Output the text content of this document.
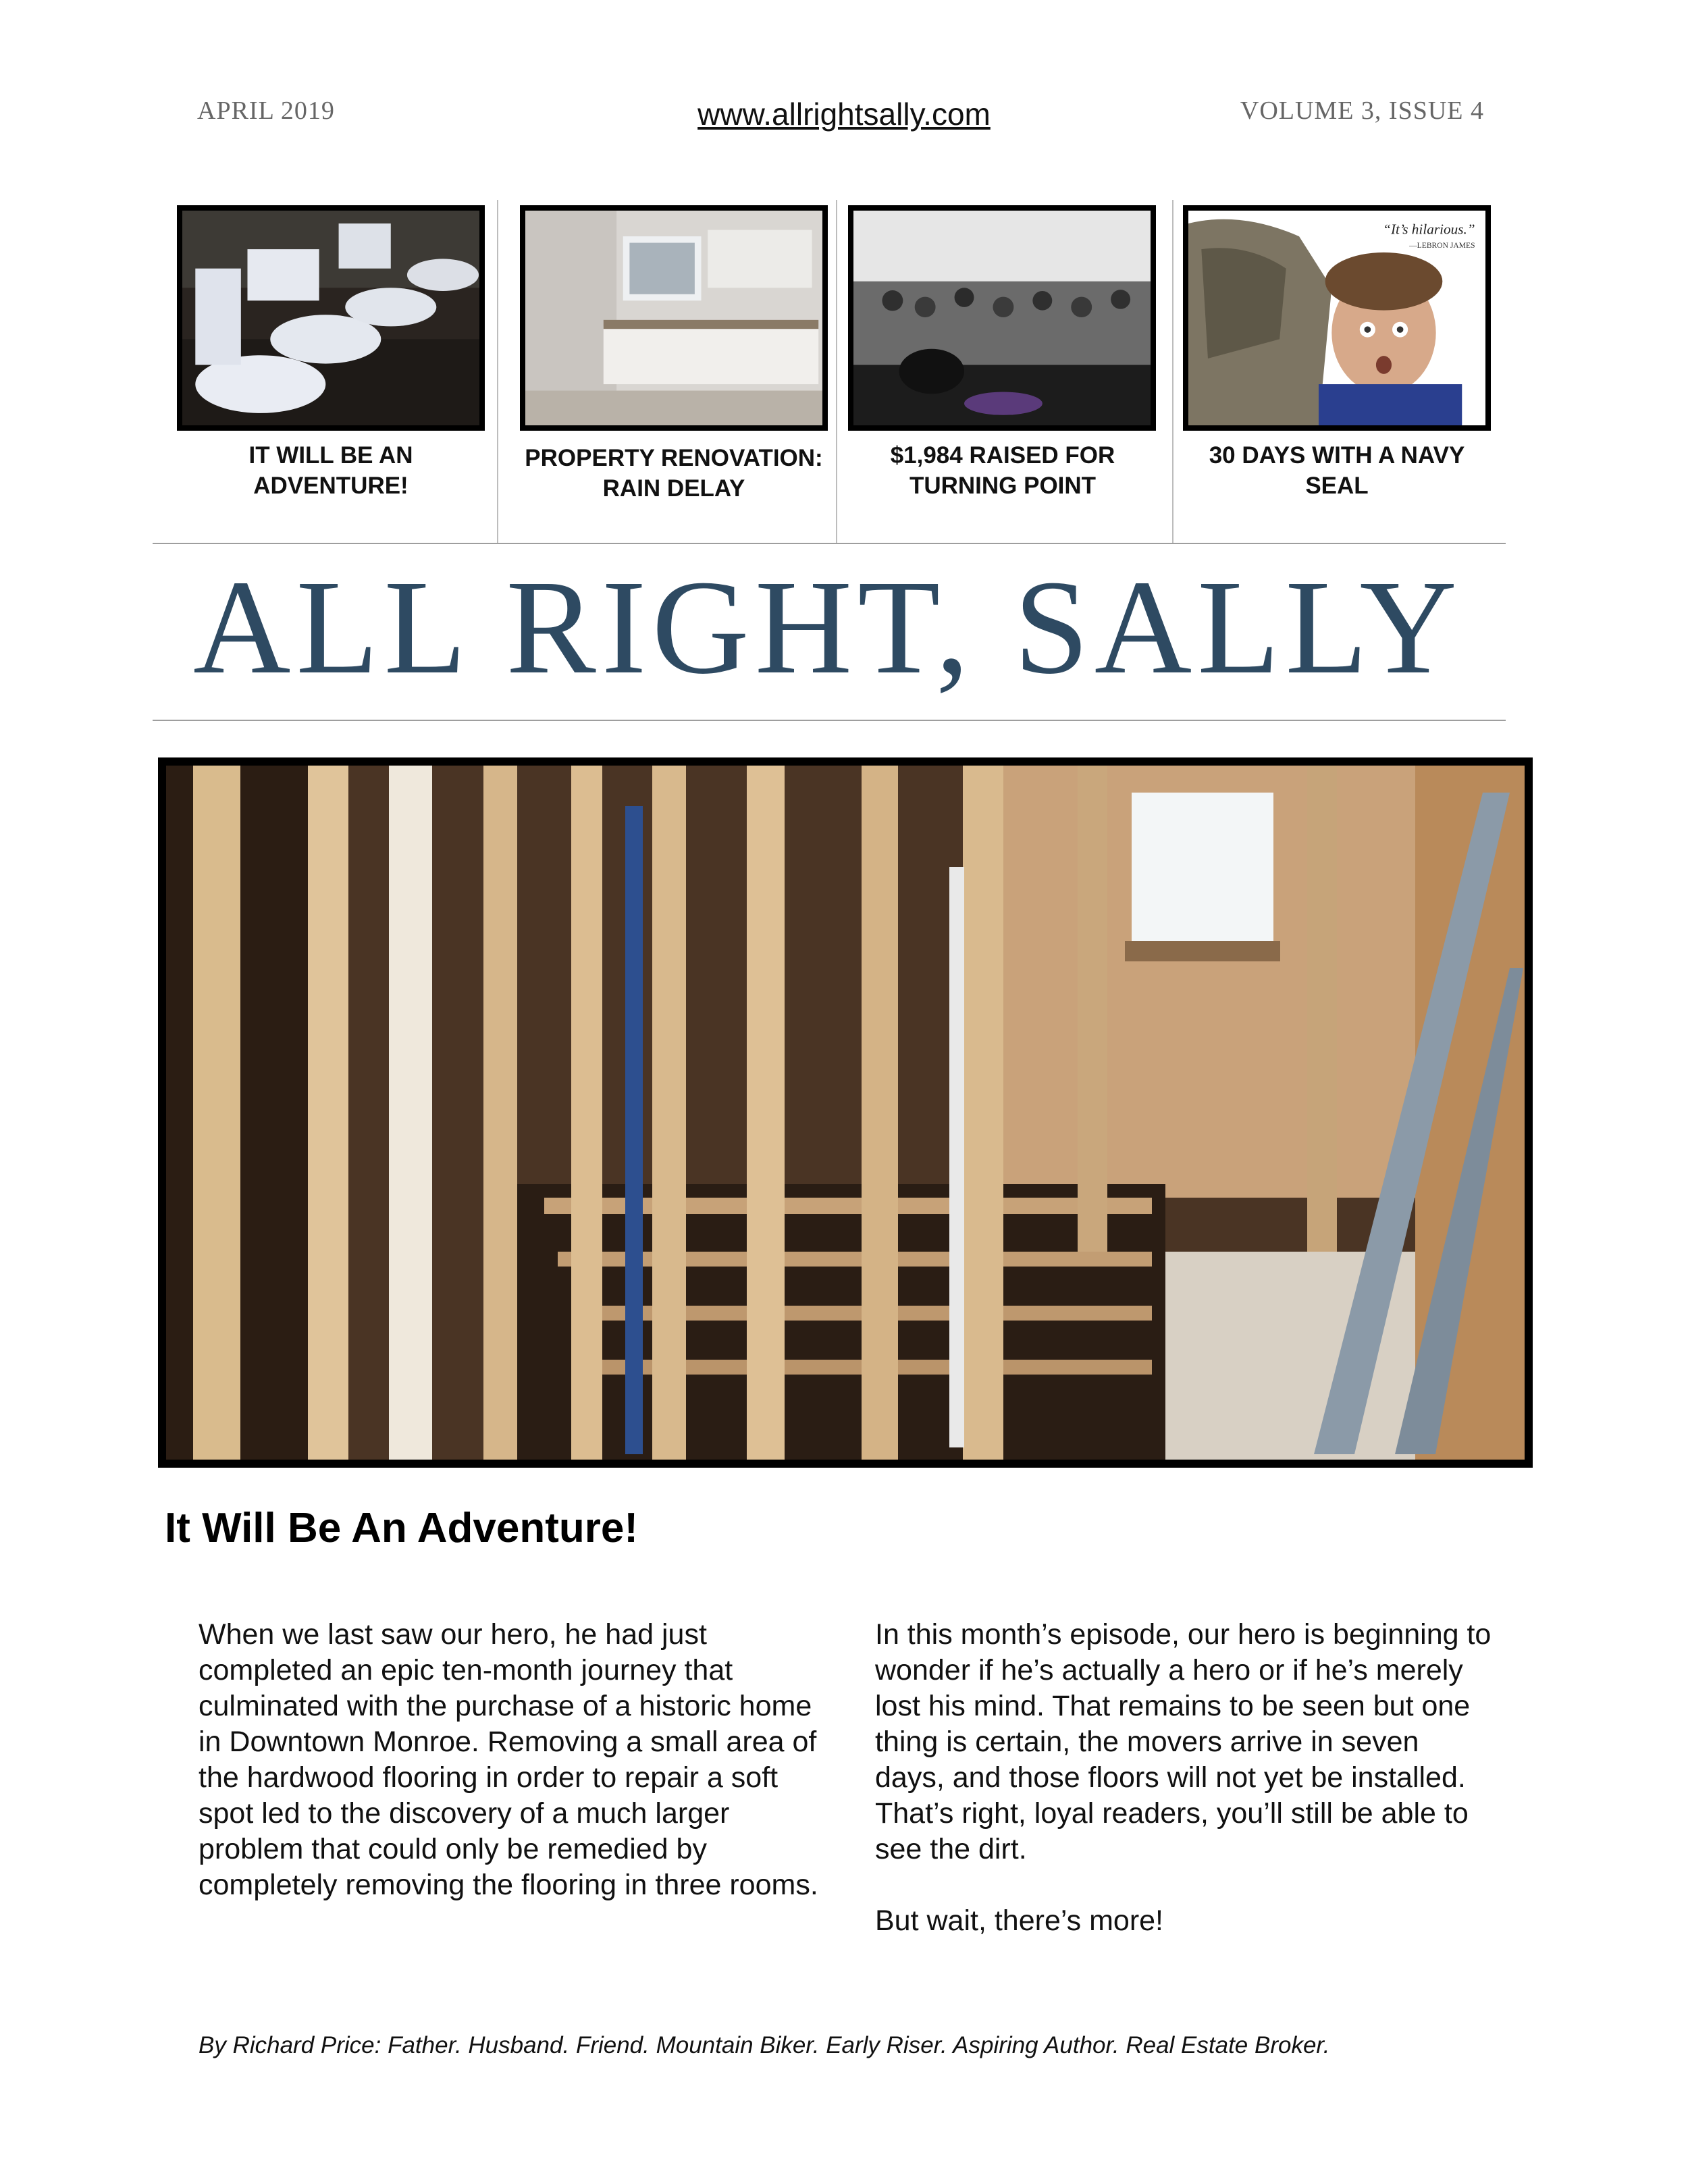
APRIL 2019	www.allrightsally.com	VOLUME 3, ISSUE 4
“It’s hilarious.”
—LEBRON JAMES
IT WILL BE AN ADVENTURE!
PROPERTY RENOVATION: RAIN DELAY
$1,984 RAISED FOR TURNING POINT
30 DAYS WITH A NAVY SEAL
ALL RIGHT, SALLY
It Will Be An Adventure!

When we last saw our hero, he had just completed an epic ten-month journey that culminated with the purchase of a historic home in Downtown Monroe. Removing a small area of the hardwood flooring in order to repair a soft spot led to the discovery of a much larger problem that could only be remedied by completely removing the flooring in three rooms.

In this month’s episode, our hero is beginning to wonder if he’s actually a hero or if he’s merely lost his mind. That remains to be seen but one thing is certain, the movers arrive in seven days, and those floors will not yet be installed. That’s right, loyal readers, you’ll still be able to see the dirt.

But wait, there’s more!

By Richard Price: Father. Husband. Friend. Mountain Biker. Early Riser. Aspiring Author. Real Estate Broker.
